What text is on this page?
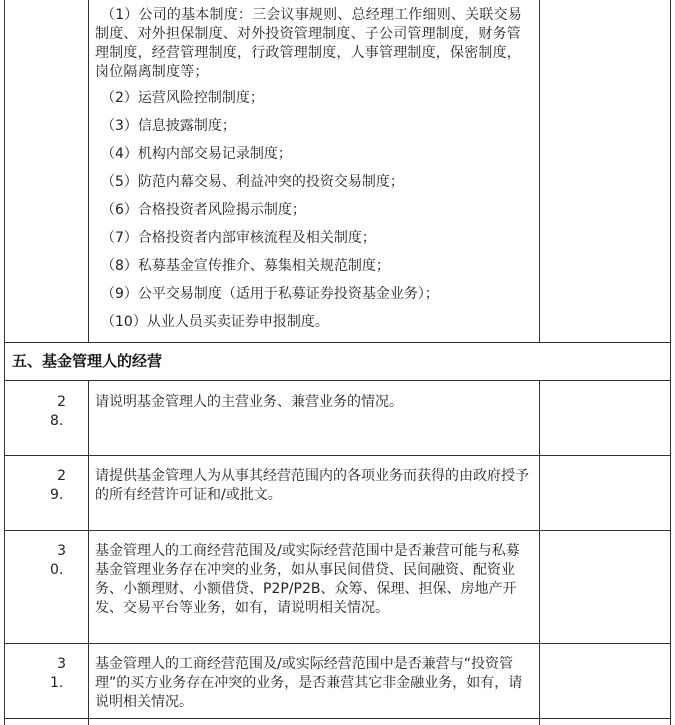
（1）公司的基本制度：三会议事规则、总经理工作细则、关联交易制度、对外担保制度、对外投资管理制度、子公司管理制度，财务管理制度，经营管理制度，行政管理制度，人事管理制度，保密制度，岗位隔离制度等；
（2）运营风险控制制度；
（3）信息披露制度；
（4）机构内部交易记录制度；
（5）防范内幕交易、利益冲突的投资交易制度；
（6）合格投资者风险揭示制度；
（7）合格投资者内部审核流程及相关制度；
（8）私募基金宣传推介、募集相关规范制度；
（9）公平交易制度（适用于私募证券投资基金业务）；
（10）从业人员买卖证券申报制度。
五、基金管理人的经营
2
8.
请说明基金管理人的主营业务、兼营业务的情况。
2
9.
请提供基金管理人为从事其经营范围内的各项业务而获得的由政府授予的所有经营许可证和/或批文。
3
0.
基金管理人的工商经营范围及/或实际经营范围中是否兼营可能与私募基金管理业务存在冲突的业务，如从事民间借贷、民间融资、配资业务、小额理财、小额借贷、P2P/P2B、众筹、保理、担保、房地产开发、交易平台等业务，如有，请说明相关情况。
3
1.
基金管理人的工商经营范围及/或实际经营范围中是否兼营与“投资管理”的买方业务存在冲突的业务，是否兼营其它非金融业务，如有，请说明相关情况。
